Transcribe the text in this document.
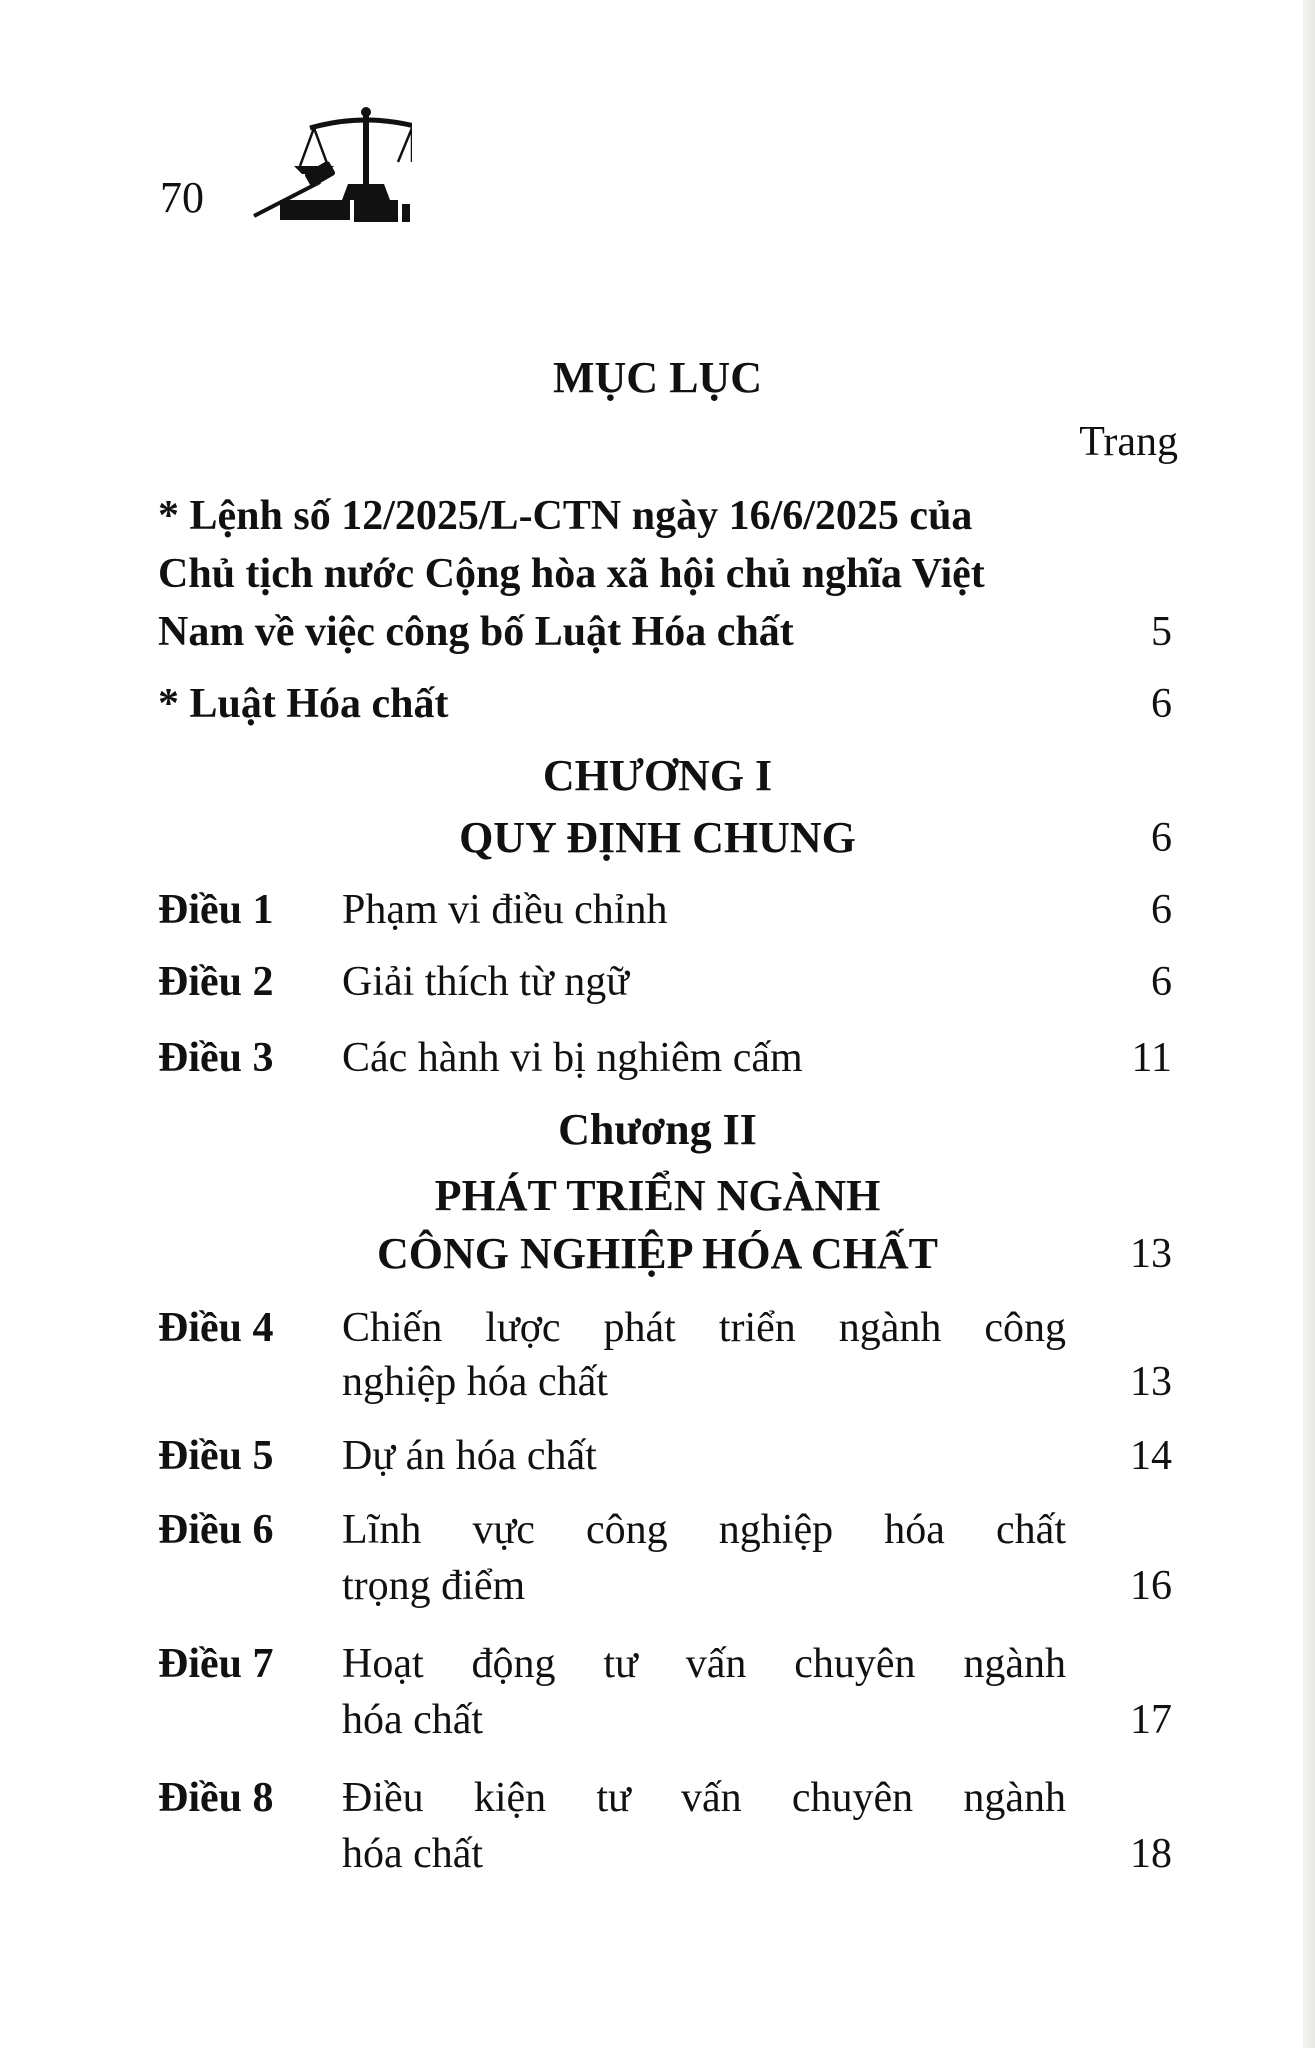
70
MỤC LỤC
Trang
* Lệnh số 12/2025/L-CTN ngày 16/6/2025 của
Chủ tịch nước Cộng hòa xã hội chủ nghĩa Việt
Nam về việc công bố Luật Hóa chất	5
* Luật Hóa chất	6
CHƯƠNG I
QUY ĐỊNH CHUNG	6
Điều 1 Phạm vi điều chỉnh	6
Điều 2 Giải thích từ ngữ	6
Điều 3 Các hành vi bị nghiêm cấm	11
Chương II
PHÁT TRIỂN NGÀNH
CÔNG NGHIỆP HÓA CHẤT	13
Điều 4 Chiến lược phát triển ngành công
nghiệp hóa chất	13
Điều 5 Dự án hóa chất	14
Điều 6 Lĩnh vực công nghiệp hóa chất
trọng điểm	16
Điều 7 Hoạt động tư vấn chuyên ngành
hóa chất	17
Điều 8 Điều kiện tư vấn chuyên ngành
hóa chất	18
